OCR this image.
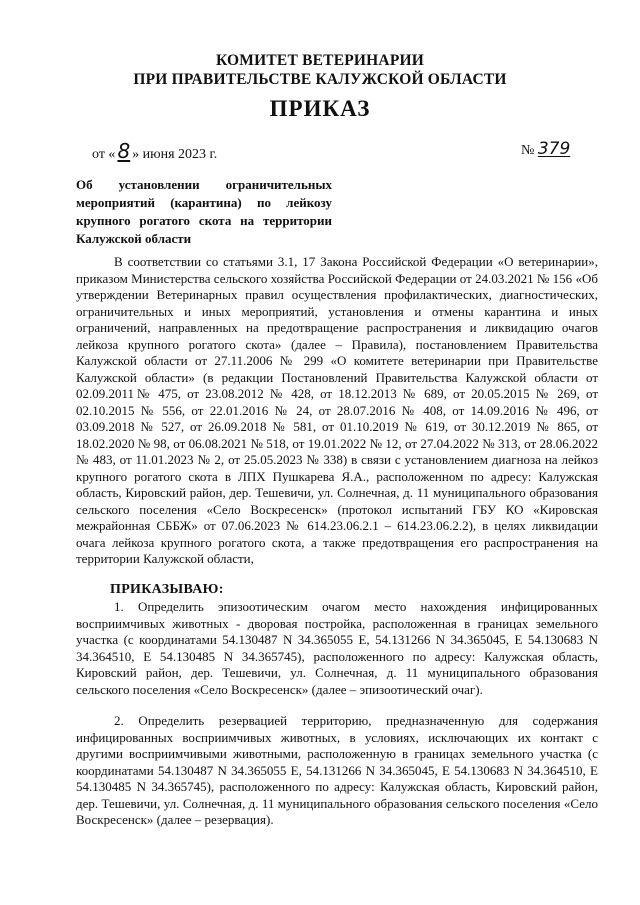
КОМИТЕТ ВЕТЕРИНАРИИ
ПРИ ПРАВИТЕЛЬСТВЕ КАЛУЖСКОЙ ОБЛАСТИ
ПРИКАЗ
от « 8 » июня 2023 г.	№ 379
Об установлении ограничительных мероприятий (карантина) по лейкозу крупного рогатого скота на территории Калужской области
В соответствии со статьями 3.1, 17 Закона Российской Федерации «О ветеринарии», приказом Министерства сельского хозяйства Российской Федерации от 24.03.2021 № 156 «Об утверждении Ветеринарных правил осуществления профилактических, диагностических, ограничительных и иных мероприятий, установления и отмены карантина и иных ограничений, направленных на предотвращение распространения и ликвидацию очагов лейкоза крупного рогатого скота» (далее – Правила), постановлением Правительства Калужской области от 27.11.2006 № 299 «О комитете ветеринарии при Правительстве Калужской области» (в редакции Постановлений Правительства Калужской области от 02.09.2011№ 475, от 23.08.2012 № 428, от 18.12.2013 № 689, от 20.05.2015 № 269, от 02.10.2015 № 556, от 22.01.2016 № 24, от 28.07.2016 № 408, от 14.09.2016 № 496, от 03.09.2018 № 527, от 26.09.2018 № 581, от 01.10.2019 № 619, от 30.12.2019 № 865, от 18.02.2020 № 98, от 06.08.2021 № 518, от 19.01.2022 № 12, от 27.04.2022 № 313, от 28.06.2022 № 483, от 11.01.2023 № 2, от 25.05.2023 № 338) в связи с установлением диагноза на лейкоз крупного рогатого скота в ЛПХ Пушкарева Я.А., расположенном по адресу: Калужская область, Кировский район, дер. Тешевичи, ул. Солнечная, д. 11 муниципального образования сельского поселения «Село Воскресенск» (протокол испытаний ГБУ КО «Кировская межрайонная СББЖ» от 07.06.2023 № 614.23.06.2.1 – 614.23.06.2.2), в целях ликвидации очага лейкоза крупного рогатого скота, а также предотвращения его распространения на территории Калужской области,
ПРИКАЗЫВАЮ:
1. Определить эпизоотическим очагом место нахождения инфицированных восприимчивых животных - дворовая постройка, расположенная в границах земельного участка (с координатами 54.130487 N 34.365055 E, 54.131266 N 34.365045, E 54.130683 N 34.364510, E 54.130485 N 34.365745), расположенного по адресу: Калужская область, Кировский район, дер. Тешевичи, ул. Солнечная, д. 11 муниципального образования сельского поселения «Село Воскресенск» (далее – эпизоотический очаг).
2. Определить резервацией территорию, предназначенную для содержания инфицированных восприимчивых животных, в условиях, исключающих их контакт с другими восприимчивыми животными, расположенную в границах земельного участка (с координатами 54.130487 N 34.365055 E, 54.131266 N 34.365045, E 54.130683 N 34.364510, E 54.130485 N 34.365745), расположенного по адресу: Калужская область, Кировский район, дер. Тешевичи, ул. Солнечная, д. 11 муниципального образования сельского поселения «Село Воскресенск» (далее – резервация).
